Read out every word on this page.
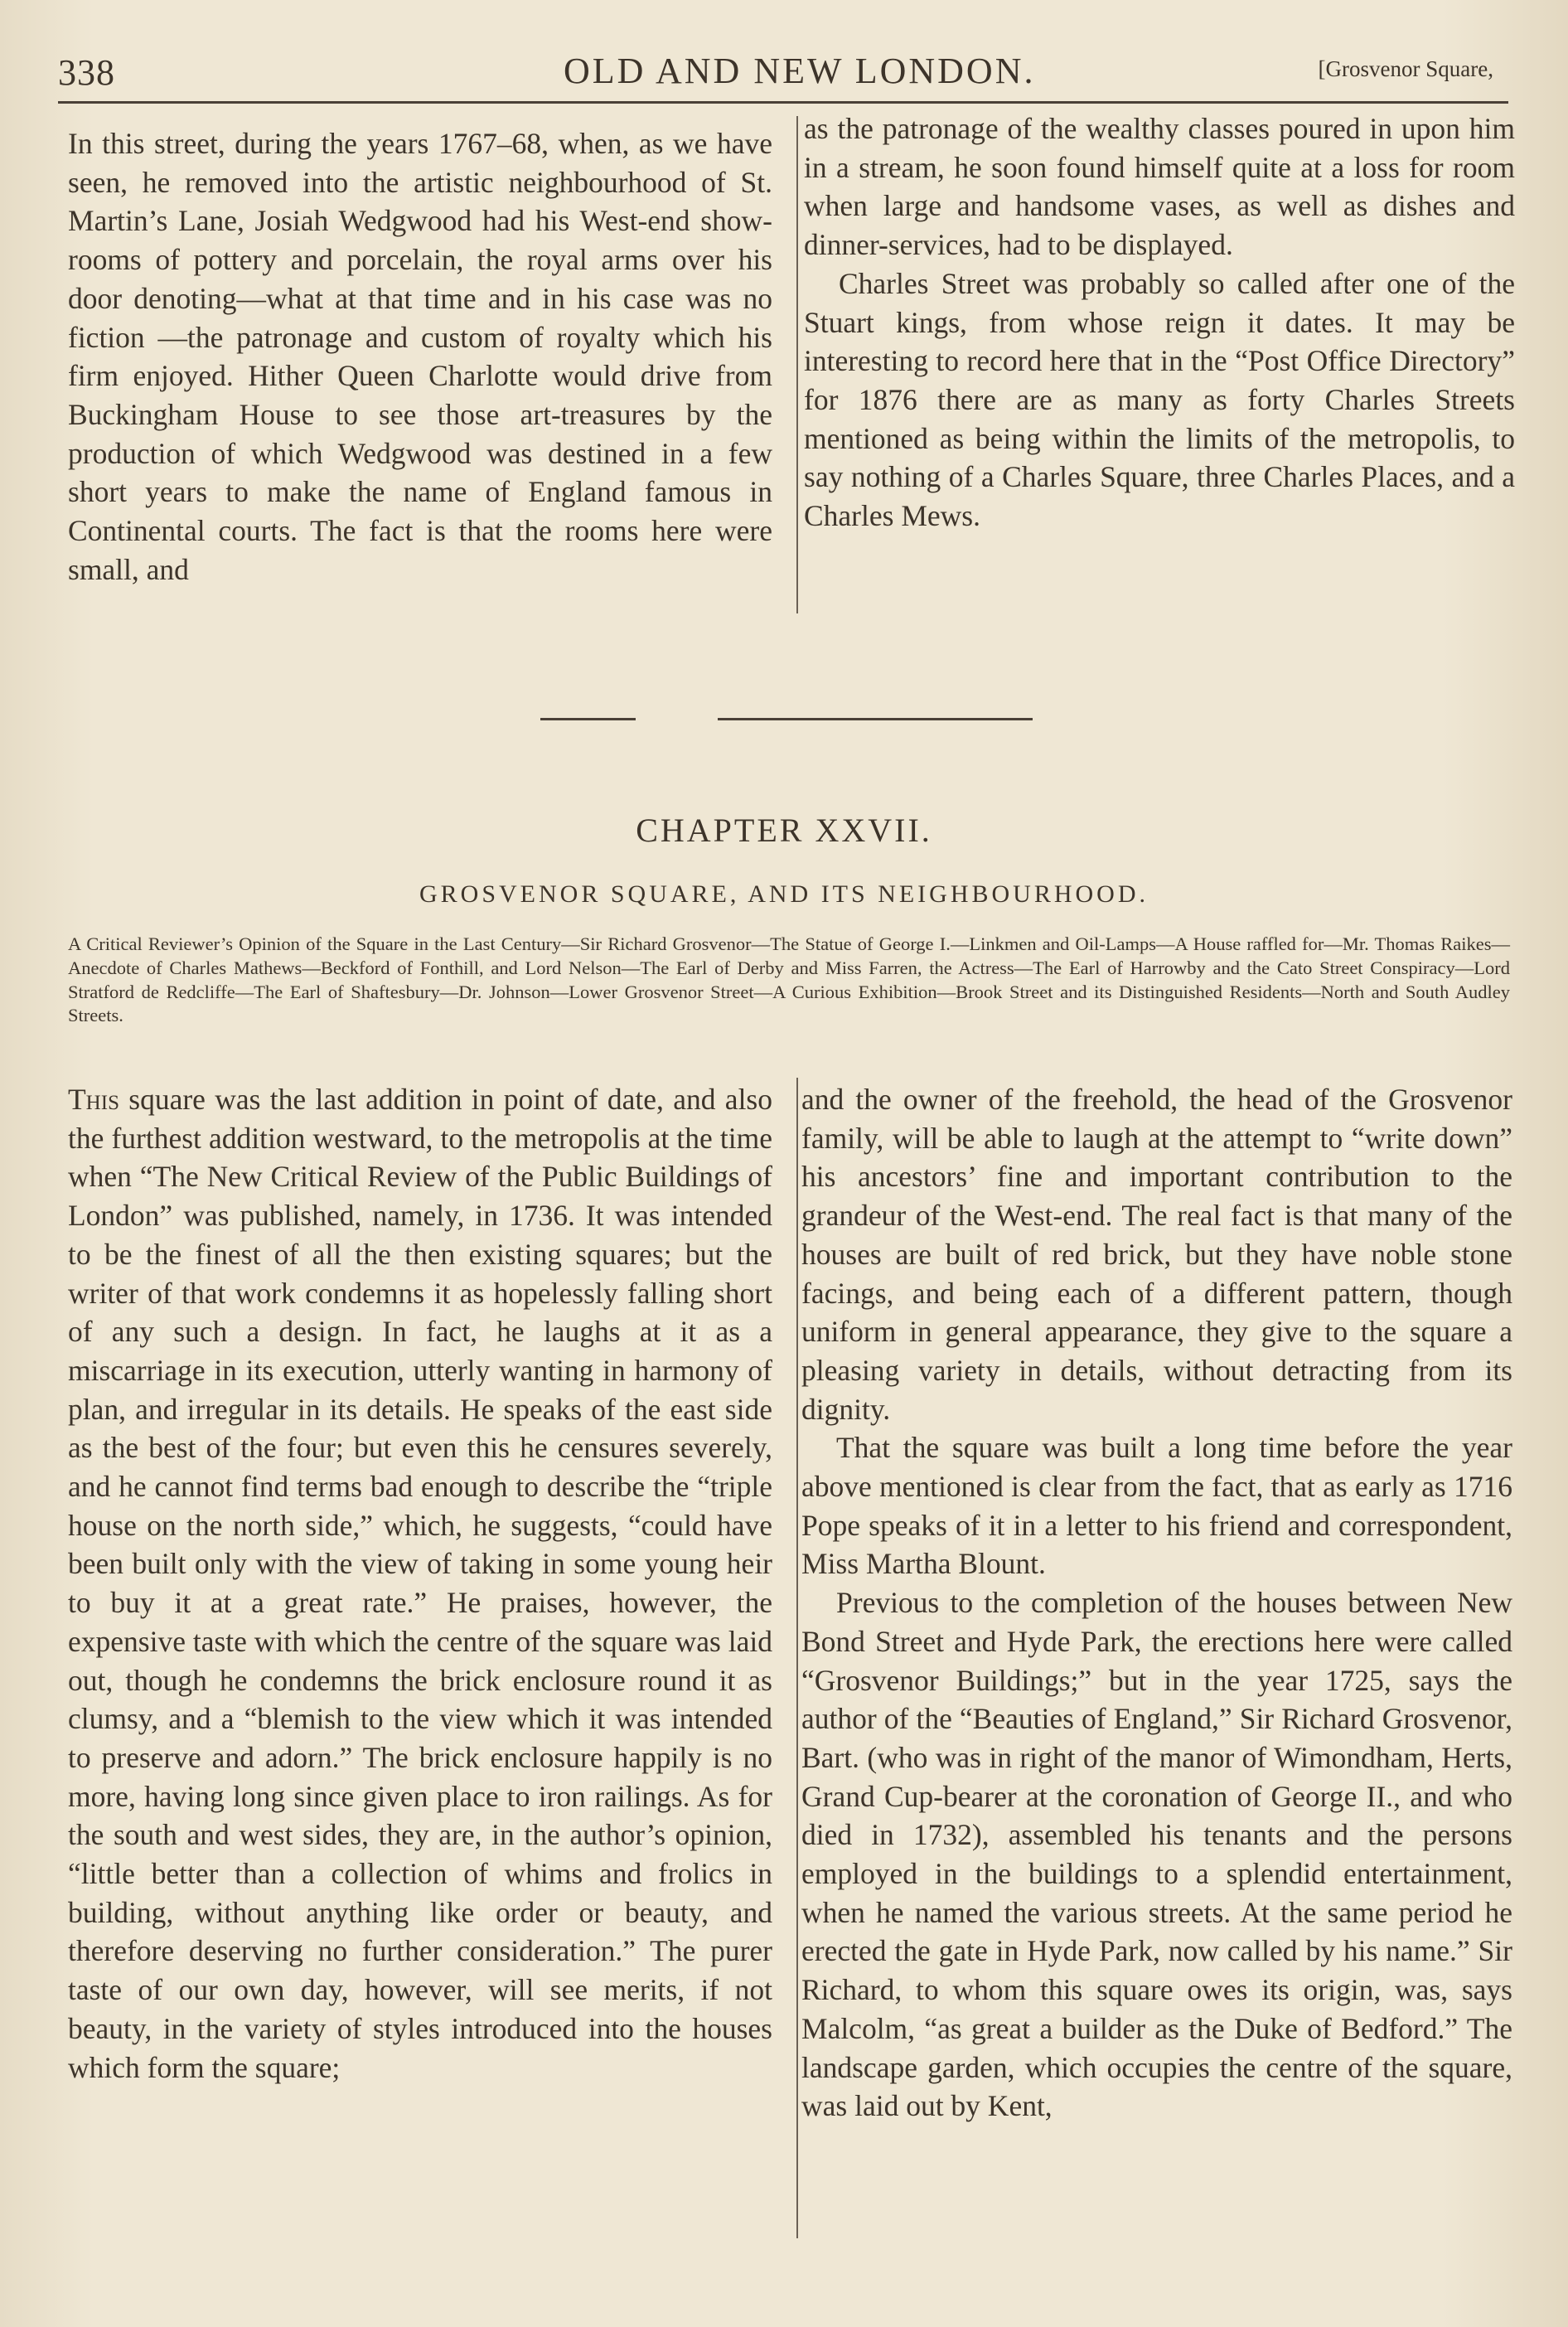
338	OLD AND NEW LONDON.	[Grosvenor Square,

In this street, during the years 1767–68, when, as we have seen, he removed into the artistic neighbourhood of St. Martin’s Lane, Josiah Wedgwood had his West-end show-rooms of pottery and porcelain, the royal arms over his door denoting—what at that time and in his case was no fiction —the patronage and custom of royalty which his firm enjoyed. Hither Queen Charlotte would drive from Buckingham House to see those art-treasures by the production of which Wedgwood was destined in a few short years to make the name of England famous in Continental courts. The fact is that the rooms here were small, and

as the patronage of the wealthy classes poured in upon him in a stream, he soon found himself quite at a loss for room when large and handsome vases, as well as dishes and dinner-services, had to be displayed.

Charles Street was probably so called after one of the Stuart kings, from whose reign it dates. It may be interesting to record here that in the “Post Office Directory” for 1876 there are as many as forty Charles Streets mentioned as being within the limits of the metropolis, to say nothing of a Charles Square, three Charles Places, and a Charles Mews.

CHAPTER XXVII.
GROSVENOR SQUARE, AND ITS NEIGHBOURHOOD.
A Critical Reviewer’s Opinion of the Square in the Last Century—Sir Richard Grosvenor—The Statue of George I.—Linkmen and Oil-Lamps—A House raffled for—Mr. Thomas Raikes—Anecdote of Charles Mathews—Beckford of Fonthill, and Lord Nelson—The Earl of Derby and Miss Farren, the Actress—The Earl of Harrowby and the Cato Street Conspiracy—Lord Stratford de Redcliffe—The Earl of Shaftesbury—Dr. Johnson—Lower Grosvenor Street—A Curious Exhibition—Brook Street and its Distinguished Residents—North and South Audley Streets.

This square was the last addition in point of date, and also the furthest addition westward, to the metropolis at the time when “The New Critical Review of the Public Buildings of London” was published, namely, in 1736. It was intended to be the finest of all the then existing squares; but the writer of that work condemns it as hopelessly falling short of any such a design. In fact, he laughs at it as a miscarriage in its execution, utterly wanting in harmony of plan, and irregular in its details. He speaks of the east side as the best of the four; but even this he censures severely, and he cannot find terms bad enough to describe the “triple house on the north side,” which, he suggests, “could have been built only with the view of taking in some young heir to buy it at a great rate.” He praises, however, the expensive taste with which the centre of the square was laid out, though he condemns the brick enclosure round it as clumsy, and a “blemish to the view which it was intended to preserve and adorn.” The brick enclosure happily is no more, having long since given place to iron railings. As for the south and west sides, they are, in the author’s opinion, “little better than a collection of whims and frolics in building, without anything like order or beauty, and therefore deserving no further consideration.” The purer taste of our own day, however, will see merits, if not beauty, in the variety of styles introduced into the houses which form the square;

and the owner of the freehold, the head of the Grosvenor family, will be able to laugh at the attempt to “write down” his ancestors’ fine and important contribution to the grandeur of the West-end. The real fact is that many of the houses are built of red brick, but they have noble stone facings, and being each of a different pattern, though uniform in general appearance, they give to the square a pleasing variety in details, without detracting from its dignity.

That the square was built a long time before the year above mentioned is clear from the fact, that as early as 1716 Pope speaks of it in a letter to his friend and correspondent, Miss Martha Blount.

Previous to the completion of the houses between New Bond Street and Hyde Park, the erections here were called “Grosvenor Buildings;” but in the year 1725, says the author of the “Beauties of England,” Sir Richard Grosvenor, Bart. (who was in right of the manor of Wimondham, Herts, Grand Cup-bearer at the coronation of George II., and who died in 1732), assembled his tenants and the persons employed in the buildings to a splendid entertainment, when he named the various streets. At the same period he erected the gate in Hyde Park, now called by his name.” Sir Richard, to whom this square owes its origin, was, says Malcolm, “as great a builder as the Duke of Bedford.” The landscape garden, which occupies the centre of the square, was laid out by Kent,
